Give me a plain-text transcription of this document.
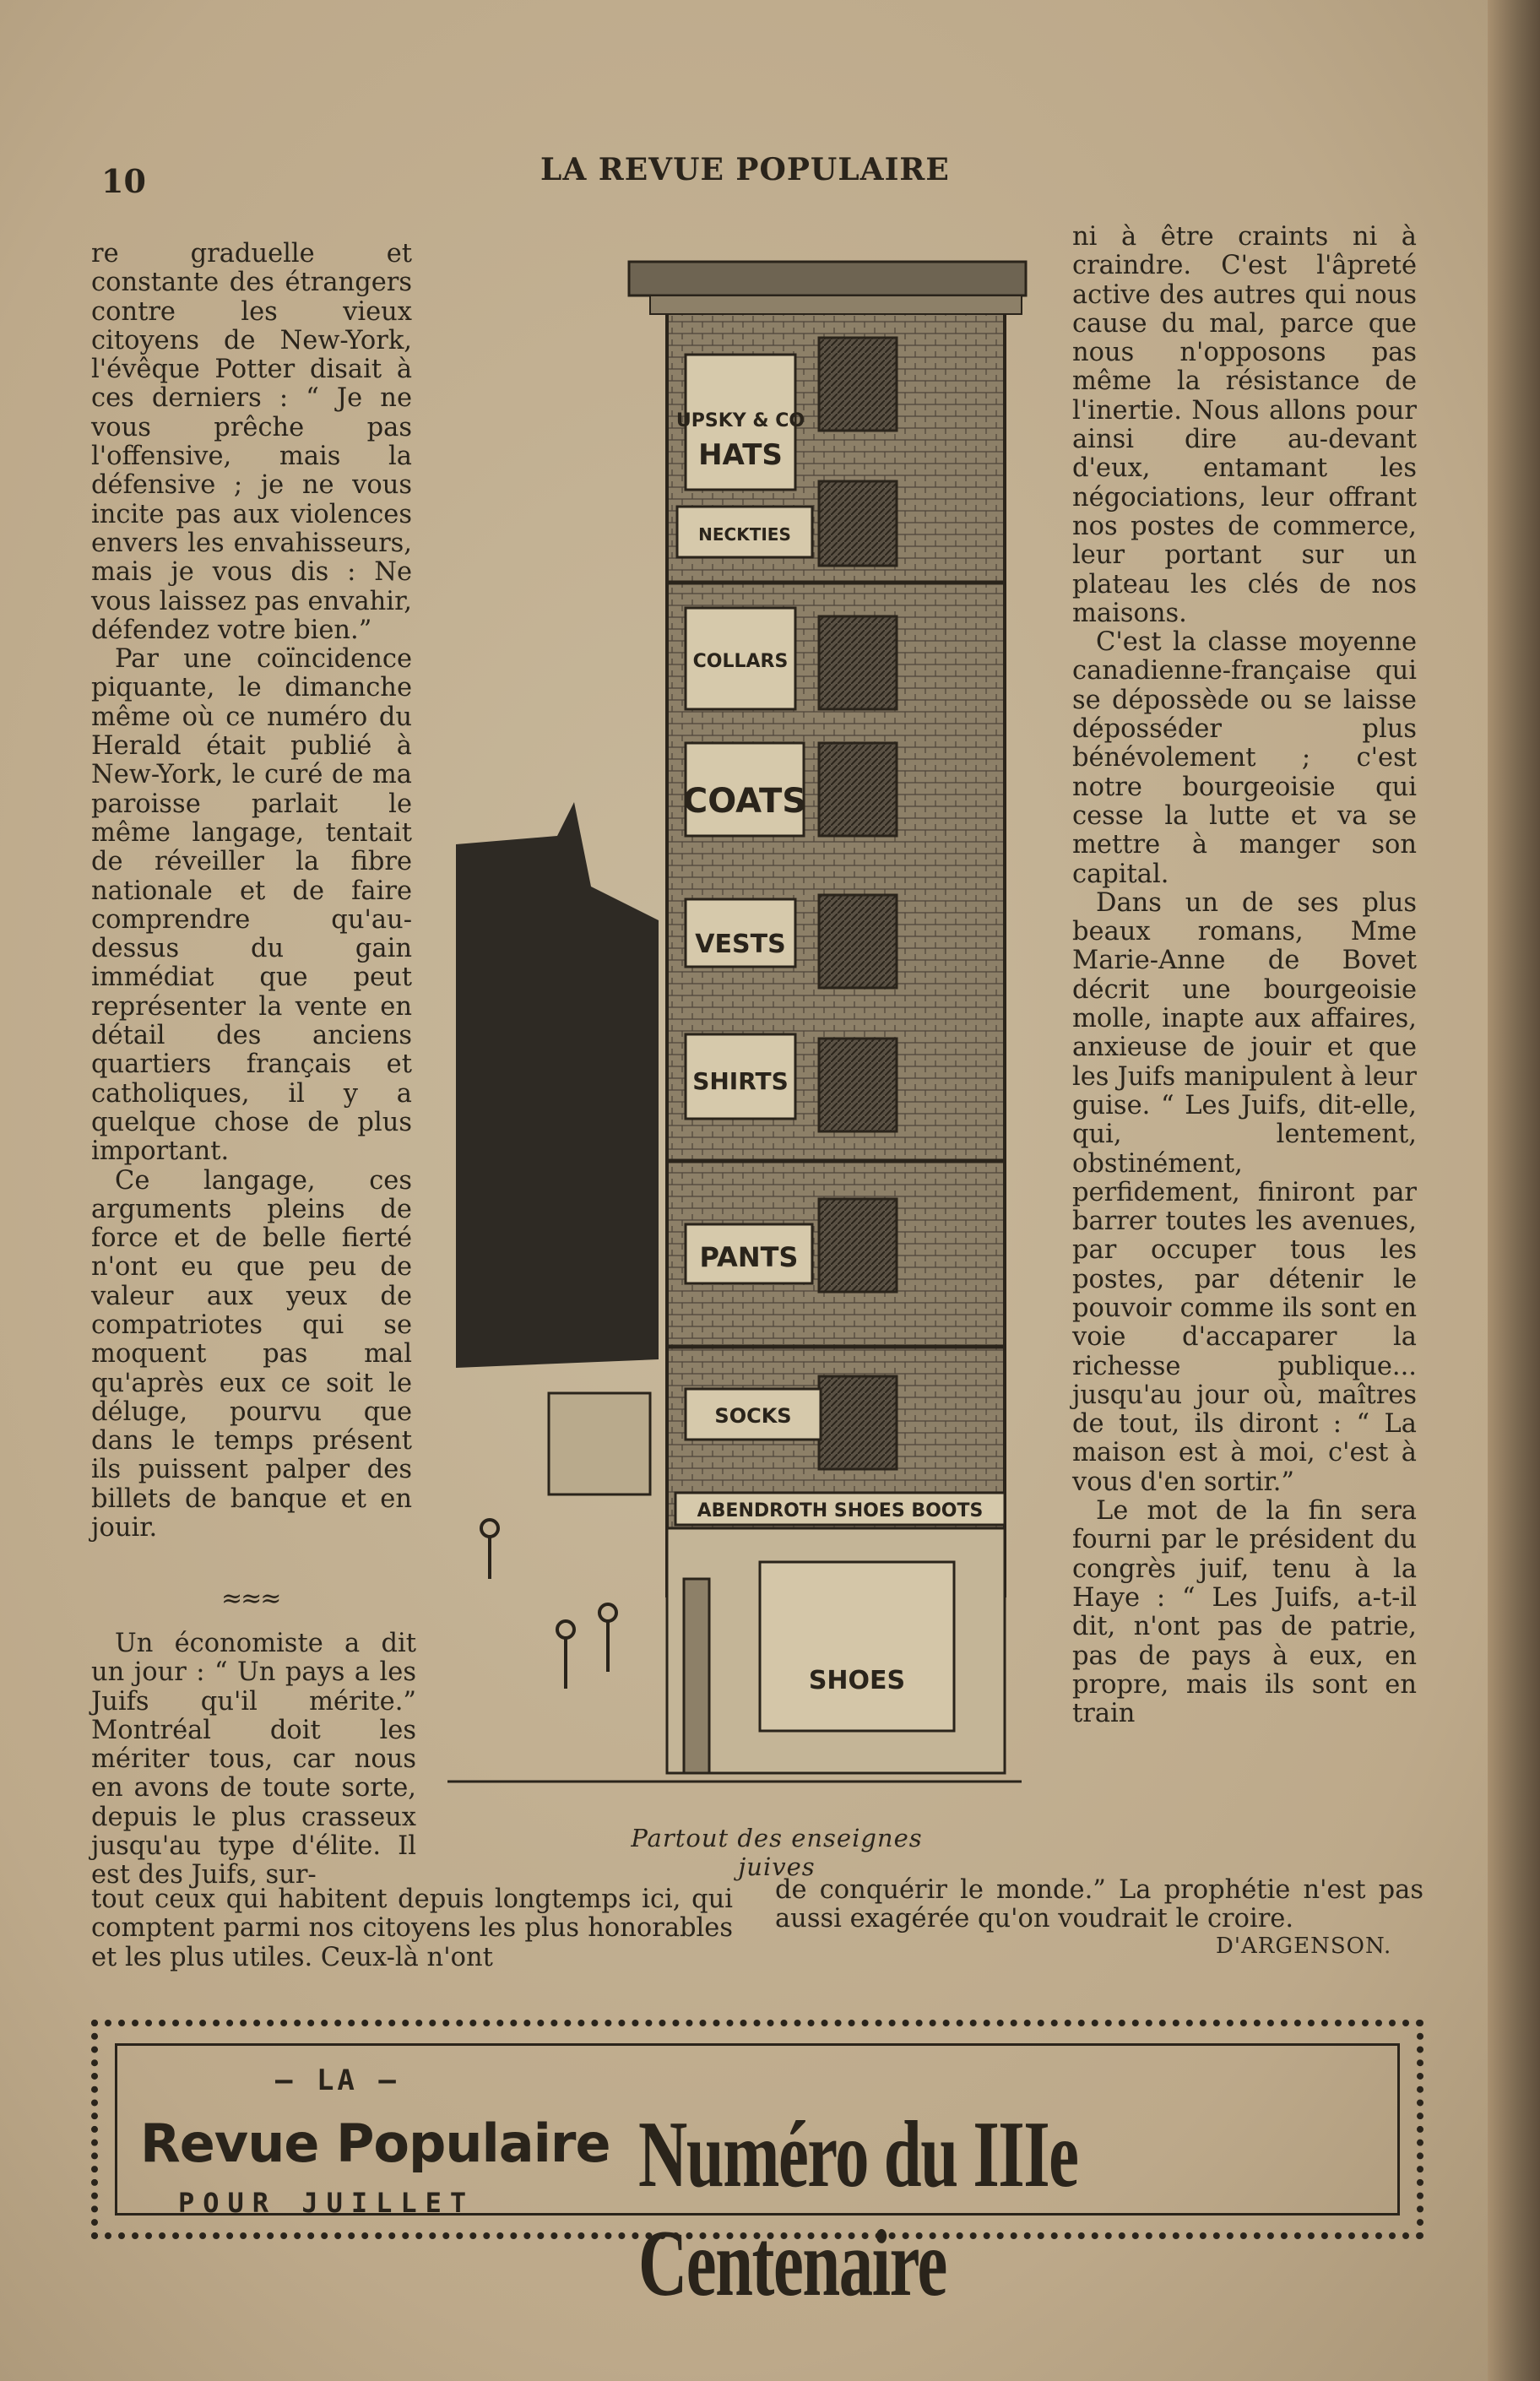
10	LA REVUE POPULAIRE

re graduelle et constante des étrangers contre les vieux citoyens de New-York, l'évêque Potter disait à ces derniers : “ Je ne vous prêche pas l'offensive, mais la défensive ; je ne vous incite pas aux violences envers les envahisseurs, mais je vous dis : Ne vous laissez pas envahir, défendez votre bien.”

Par une coïncidence piquante, le dimanche même où ce numéro du Herald était publié à New-York, le curé de ma paroisse parlait le même langage, tentait de réveiller la fibre nationale et de faire comprendre qu'au-dessus du gain immédiat que peut représenter la vente en détail des anciens quartiers français et catholiques, il y a quelque chose de plus important.

Ce langage, ces arguments pleins de force et de belle fierté n'ont eu que peu de valeur aux yeux de compatriotes qui se moquent pas mal qu'après eux ce soit le déluge, pourvu que dans le temps présent ils puissent palper des billets de banque et en jouir.

≈≈≈

Un économiste a dit un jour : “ Un pays a les Juifs qu'il mérite.” Montréal doit les mériter tous, car nous en avons de toute sorte, depuis le plus crasseux jusqu'au type d'élite. Il est des Juifs, sur-

tout ceux qui habitent depuis longtemps ici, qui comptent parmi nos citoyens les plus honorables et les plus utiles. Ceux-là n'ont

ni à être craints ni à craindre. C'est l'âpreté active des autres qui nous cause du mal, parce que nous n'opposons pas même la résistance de l'inertie. Nous allons pour ainsi dire au-devant d'eux, entamant les négociations, leur offrant nos postes de commerce, leur portant sur un plateau les clés de nos maisons.

C'est la classe moyenne canadienne-française qui se dépossède ou se laisse déposséder plus bénévolement ; c'est notre bourgeoisie qui cesse la lutte et va se mettre à manger son capital.

Dans un de ses plus beaux romans, Mme Marie-Anne de Bovet décrit une bourgeoisie molle, inapte aux affaires, anxieuse de jouir et que les Juifs manipulent à leur guise. “ Les Juifs, dit-elle, qui, lentement, obstinément, perfidement, finiront par barrer toutes les avenues, par occuper tous les postes, par détenir le pouvoir comme ils sont en voie d'accaparer la richesse publique... jusqu'au jour où, maîtres de tout, ils diront : “ La maison est à moi, c'est à vous d'en sortir.”

Le mot de la fin sera fourni par le président du congrès juif, tenu à la Haye : “ Les Juifs, a-t-il dit, n'ont pas de patrie, pas de pays à eux, en propre, mais ils sont en train

de conquérir le monde.” La prophétie n'est pas aussi exagérée qu'on voudrait le croire.

D'ARGENSON.
UPSKY & CO
HATS
NECKTIES
COLLARS
COATS
VESTS
SHIRTS
PANTS
SOCKS
ABENDROTH SHOES BOOTS
SHOES
Partout des enseignes juives
— LA —
Revue Populaire
POUR JUILLET Numéro du IIIe Centenaire
